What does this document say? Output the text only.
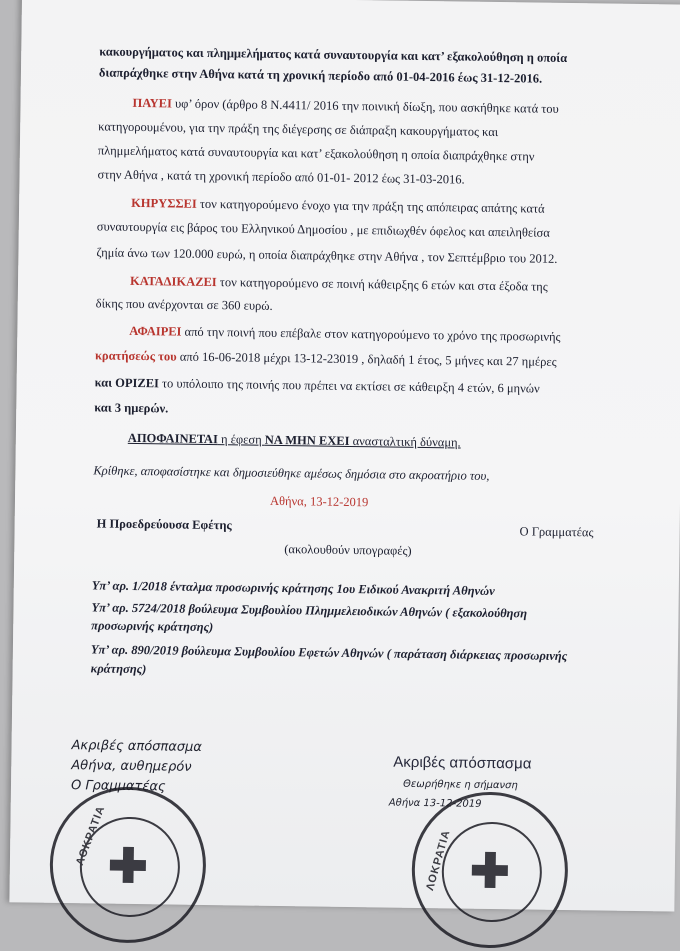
κακουργήματος και πλημμελήματος κατά συναυτουργία και κατ’ εξακολούθηση η οποία
διαπράχθηκε στην Αθήνα κατά τη χρονική περίοδο από 01-04-2016 έως 31-12-2016.
ΠΑΥΕΙ υφ’ όρον (άρθρο 8 Ν.4411/ 2016 την ποινική δίωξη, που ασκήθηκε κατά του
κατηγορουμένου, για την πράξη της διέγερσης σε διάπραξη κακουργήματος και
πλημμελήματος κατά συναυτουργία και κατ’ εξακολούθηση η οποία διαπράχθηκε στην
στην Αθήνα , κατά τη χρονική περίοδο από 01-01- 2012 έως 31-03-2016.
ΚΗΡΥΣΣΕΙ τον κατηγορούμενο ένοχο για την πράξη της απόπειρας απάτης κατά
συναυτουργία εις βάρος του Ελληνικού Δημοσίου , με επιδιωχθέν όφελος και απειληθείσα
ζημία άνω των 120.000 ευρώ, η οποία διαπράχθηκε στην Αθήνα , τον Σεπτέμβριο του 2012.
ΚΑΤΑΔΙΚΑΖΕΙ τον κατηγορούμενο σε ποινή κάθειρξης 6 ετών και στα έξοδα της
δίκης που ανέρχονται σε 360 ευρώ.
ΑΦΑΙΡΕΙ από την ποινή που επέβαλε στον κατηγορούμενο το χρόνο της προσωρινής
κρατήσεώς του από 16-06-2018 μέχρι 13-12-23019 , δηλαδή 1 έτος, 5 μήνες και 27 ημέρες
και ΟΡΙΖΕΙ το υπόλοιπο της ποινής που πρέπει να εκτίσει σε κάθειρξη 4 ετών, 6 μηνών
και 3 ημερών.
ΑΠΟΦΑΙΝΕΤΑΙ η έφεση ΝΑ ΜΗΝ ΕΧΕΙ ανασταλτική δύναμη.
Κρίθηκε, αποφασίστηκε και δημοσιεύθηκε αμέσως δημόσια στο ακροατήριο του,
Αθήνα, 13-12-2019
Η Προεδρεύουσα Εφέτης	Ο Γραμματέας
(ακολουθούν υπογραφές)
Υπ’ αρ. 1/2018 ένταλμα προσωρινής κράτησης 1ου Ειδικού Ανακριτή Αθηνών
Υπ’ αρ. 5724/2018 βούλευμα Συμβουλίου Πλημμελειοδικών Αθηνών ( εξακολούθηση
προσωρινής κράτησης)
Υπ’ αρ. 890/2019 βούλευμα Συμβουλίου Εφετών Αθηνών ( παράταση διάρκειας προσωρινής
κράτησης)
Ακριβές απόσπασμα
Αθήνα, αυθημερόν
Ο Γραμματέας
ΛΟΚΡΑΤΙΑ
Ακριβές απόσπασμα
Θεωρήθηκε η σήμανση
Αθήνα 13-12-2019
ΛΟΚΡΑΤΙΑ
